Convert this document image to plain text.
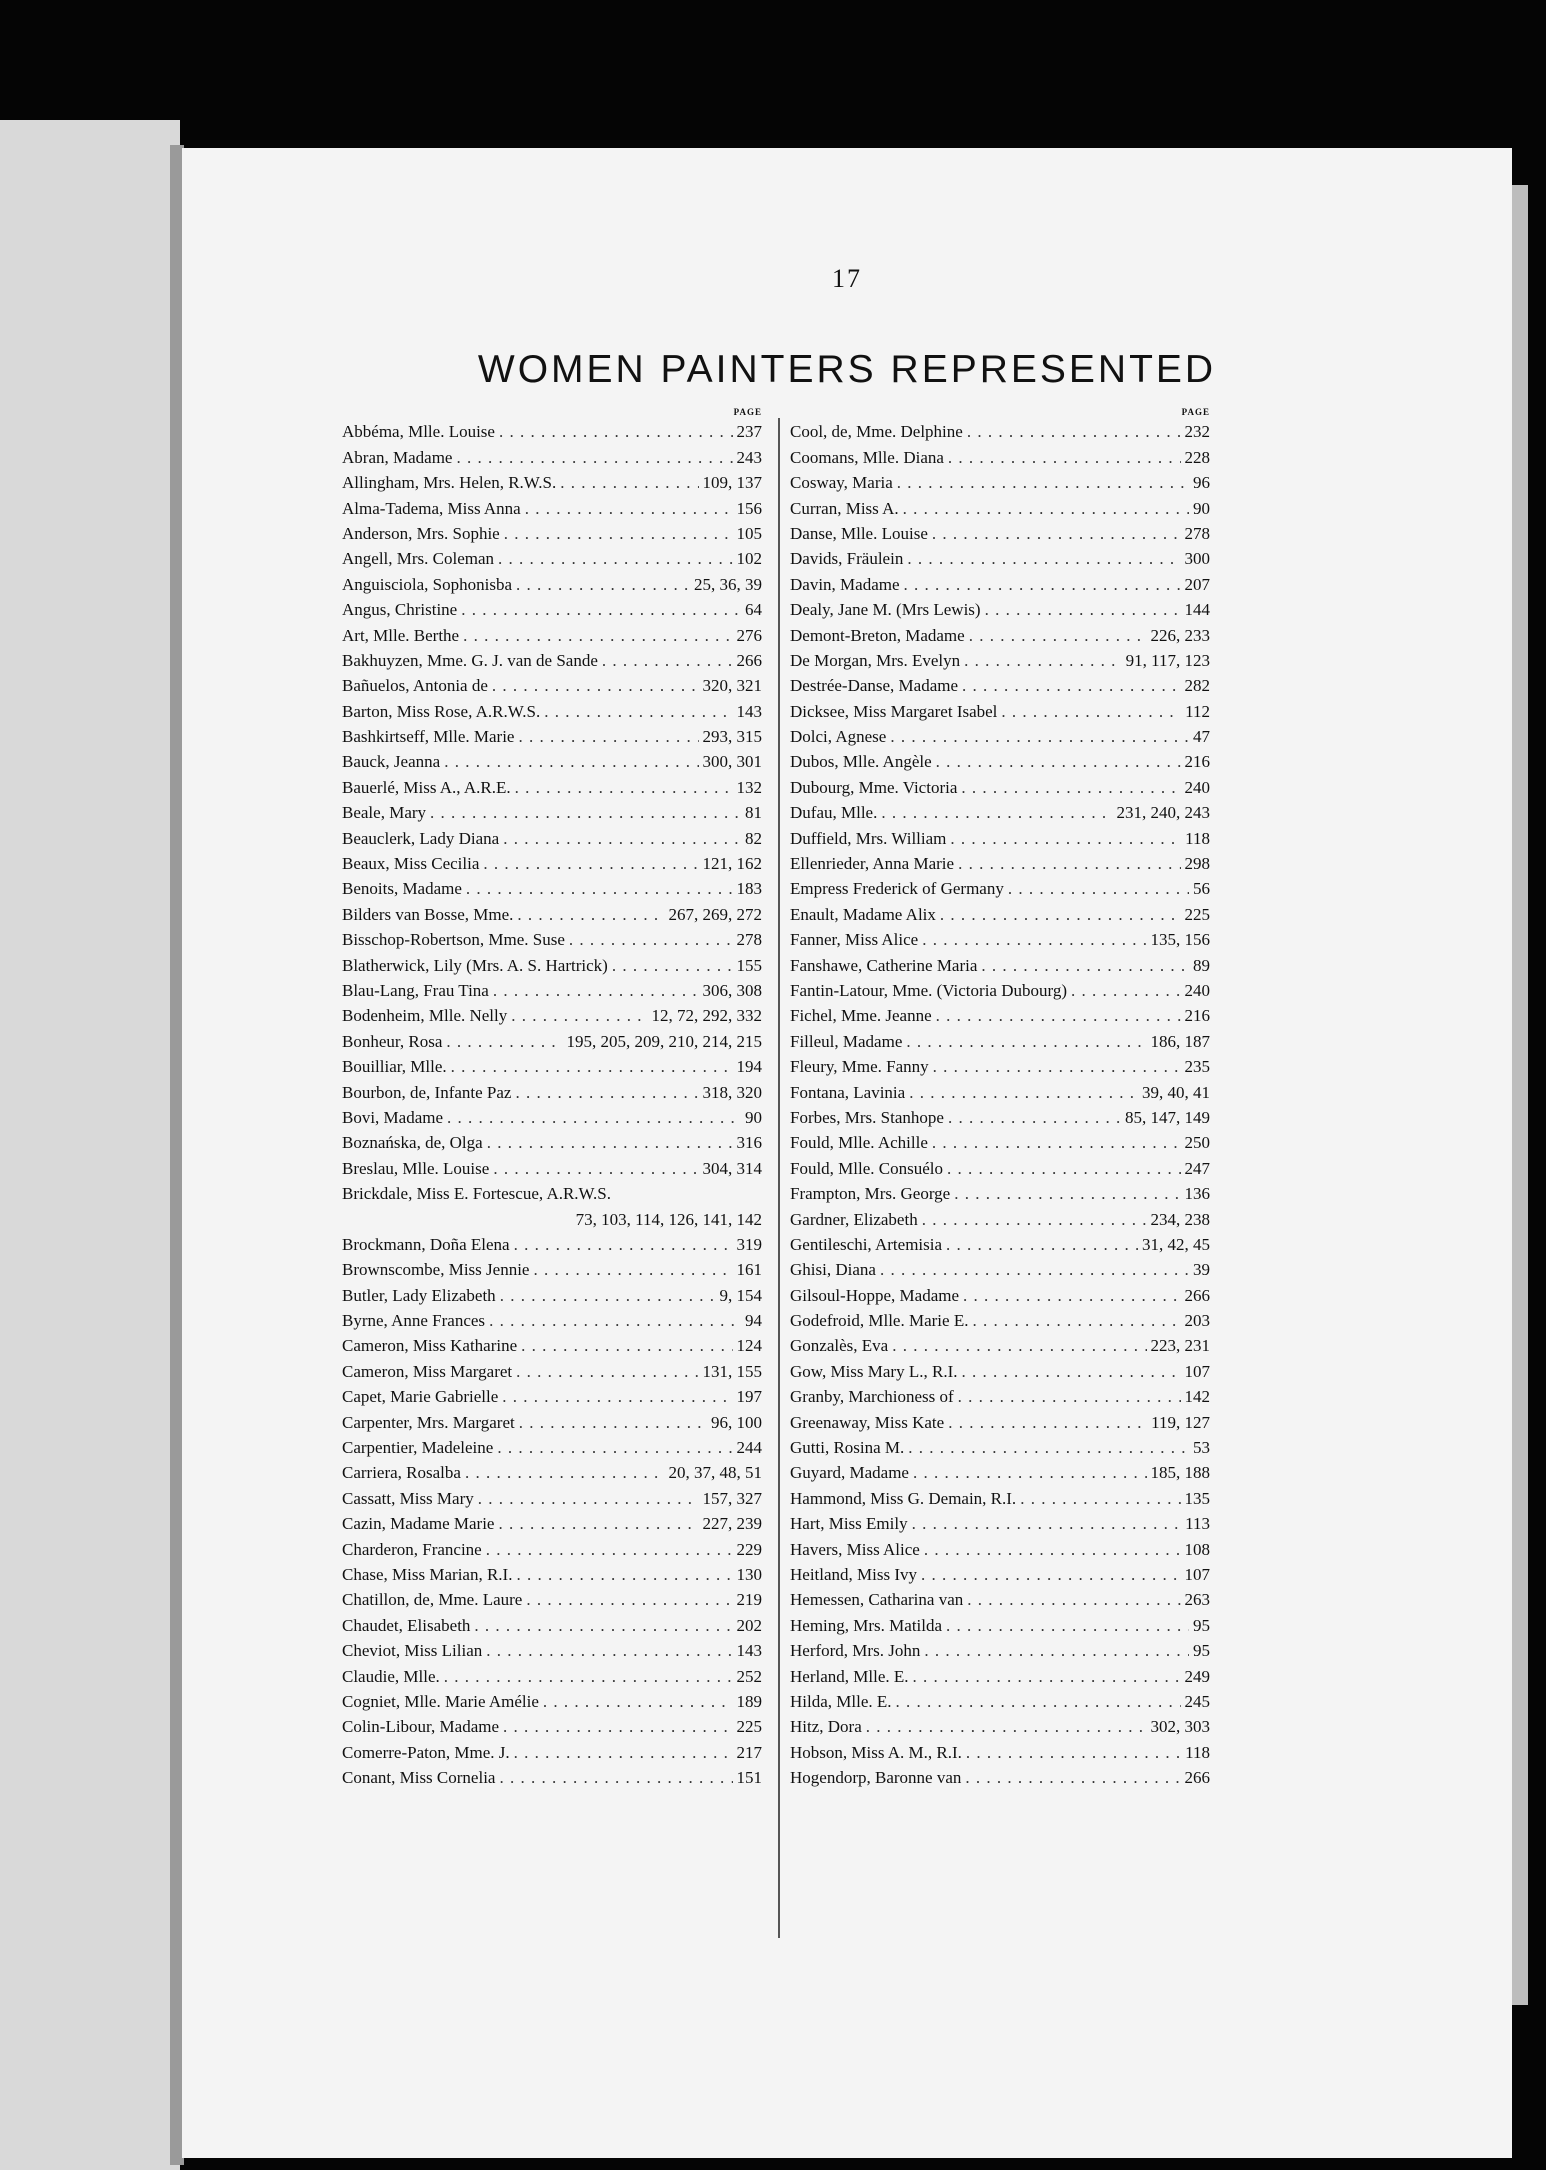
17
WOMEN PAINTERS REPRESENTED
PAGE
Abbéma, Mlle. Louise . . .	237
Abran, Madame . . .	243
Allingham, Mrs. Helen, R.W.S. . . .	109, 137
Alma-Tadema, Miss Anna . . .	156
Anderson, Mrs. Sophie . . .	105
Angell, Mrs. Coleman . . .	102
Anguisciola, Sophonisba . . .	25, 36, 39
Angus, Christine . . .	64
Art, Mlle. Berthe . . .	276
Bakhuyzen, Mme. G. J. van de Sande . . .	266
Bañuelos, Antonia de . . .	320, 321
Barton, Miss Rose, A.R.W.S. . . .	143
Bashkirtseff, Mlle. Marie . . .	293, 315
Bauck, Jeanna . . .	300, 301
Bauerlé, Miss A., A.R.E. . . .	132
Beale, Mary . . .	81
Beauclerk, Lady Diana . . .	82
Beaux, Miss Cecilia . . .	121, 162
Benoits, Madame . . .	183
Bilders van Bosse, Mme. . . .	267, 269, 272
Bisschop-Robertson, Mme. Suse . . .	278
Blatherwick, Lily (Mrs. A. S. Hartrick) . . .	155
Blau-Lang, Frau Tina . . .	306, 308
Bodenheim, Mlle. Nelly . . .	12, 72, 292, 332
Bonheur, Rosa . . .	195, 205, 209, 210, 214, 215
Bouilliar, Mlle. . . .	194
Bourbon, de, Infante Paz . . .	318, 320
Bovi, Madame . . .	90
Boznańska, de, Olga . . .	316
Breslau, Mlle. Louise . . .	304, 314
Brickdale, Miss E. Fortescue, A.R.W.S.
73, 103, 114, 126, 141, 142
Brockmann, Doña Elena . . .	319
Brownscombe, Miss Jennie . . .	161
Butler, Lady Elizabeth . . .	9, 154
Byrne, Anne Frances . . .	94
Cameron, Miss Katharine . . .	124
Cameron, Miss Margaret . . .	131, 155
Capet, Marie Gabrielle . . .	197
Carpenter, Mrs. Margaret . . .	96, 100
Carpentier, Madeleine . . .	244
Carriera, Rosalba . . .	20, 37, 48, 51
Cassatt, Miss Mary . . .	157, 327
Cazin, Madame Marie . . .	227, 239
Charderon, Francine . . .	229
Chase, Miss Marian, R.I. . . .	130
Chatillon, de, Mme. Laure . . .	219
Chaudet, Elisabeth . . .	202
Cheviot, Miss Lilian . . .	143
Claudie, Mlle. . . .	252
Cogniet, Mlle. Marie Amélie . . .	189
Colin-Libour, Madame . . .	225
Comerre-Paton, Mme. J. . . .	217
Conant, Miss Cornelia . . .	151
PAGE
Cool, de, Mme. Delphine . . .	232
Coomans, Mlle. Diana . . .	228
Cosway, Maria . . .	96
Curran, Miss A. . . .	90
Danse, Mlle. Louise . . .	278
Davids, Fräulein . . .	300
Davin, Madame . . .	207
Dealy, Jane M. (Mrs Lewis) . . .	144
Demont-Breton, Madame . . .	226, 233
De Morgan, Mrs. Evelyn . . .	91, 117, 123
Destrée-Danse, Madame . . .	282
Dicksee, Miss Margaret Isabel . . .	112
Dolci, Agnese . . .	47
Dubos, Mlle. Angèle . . .	216
Dubourg, Mme. Victoria . . .	240
Dufau, Mlle. . . .	231, 240, 243
Duffield, Mrs. William . . .	118
Ellenrieder, Anna Marie . . .	298
Empress Frederick of Germany . . .	56
Enault, Madame Alix . . .	225
Fanner, Miss Alice . . .	135, 156
Fanshawe, Catherine Maria . . .	89
Fantin-Latour, Mme. (Victoria Dubourg) . . .	240
Fichel, Mme. Jeanne . . .	216
Filleul, Madame . . .	186, 187
Fleury, Mme. Fanny . . .	235
Fontana, Lavinia . . .	39, 40, 41
Forbes, Mrs. Stanhope . . .	85, 147, 149
Fould, Mlle. Achille . . .	250
Fould, Mlle. Consuélo . . .	247
Frampton, Mrs. George . . .	136
Gardner, Elizabeth . . .	234, 238
Gentileschi, Artemisia . . .	31, 42, 45
Ghisi, Diana . . .	39
Gilsoul-Hoppe, Madame . . .	266
Godefroid, Mlle. Marie E. . . .	203
Gonzalès, Eva . . .	223, 231
Gow, Miss Mary L., R.I. . . .	107
Granby, Marchioness of . . .	142
Greenaway, Miss Kate . . .	119, 127
Gutti, Rosina M. . . .	53
Guyard, Madame . . .	185, 188
Hammond, Miss G. Demain, R.I. . . .	135
Hart, Miss Emily . . .	113
Havers, Miss Alice . . .	108
Heitland, Miss Ivy . . .	107
Hemessen, Catharina van . . .	263
Heming, Mrs. Matilda . . .	95
Herford, Mrs. John . . .	95
Herland, Mlle. E. . . .	249
Hilda, Mlle. E. . . .	245
Hitz, Dora . . .	302, 303
Hobson, Miss A. M., R.I. . . .	118
Hogendorp, Baronne van . . .	266
